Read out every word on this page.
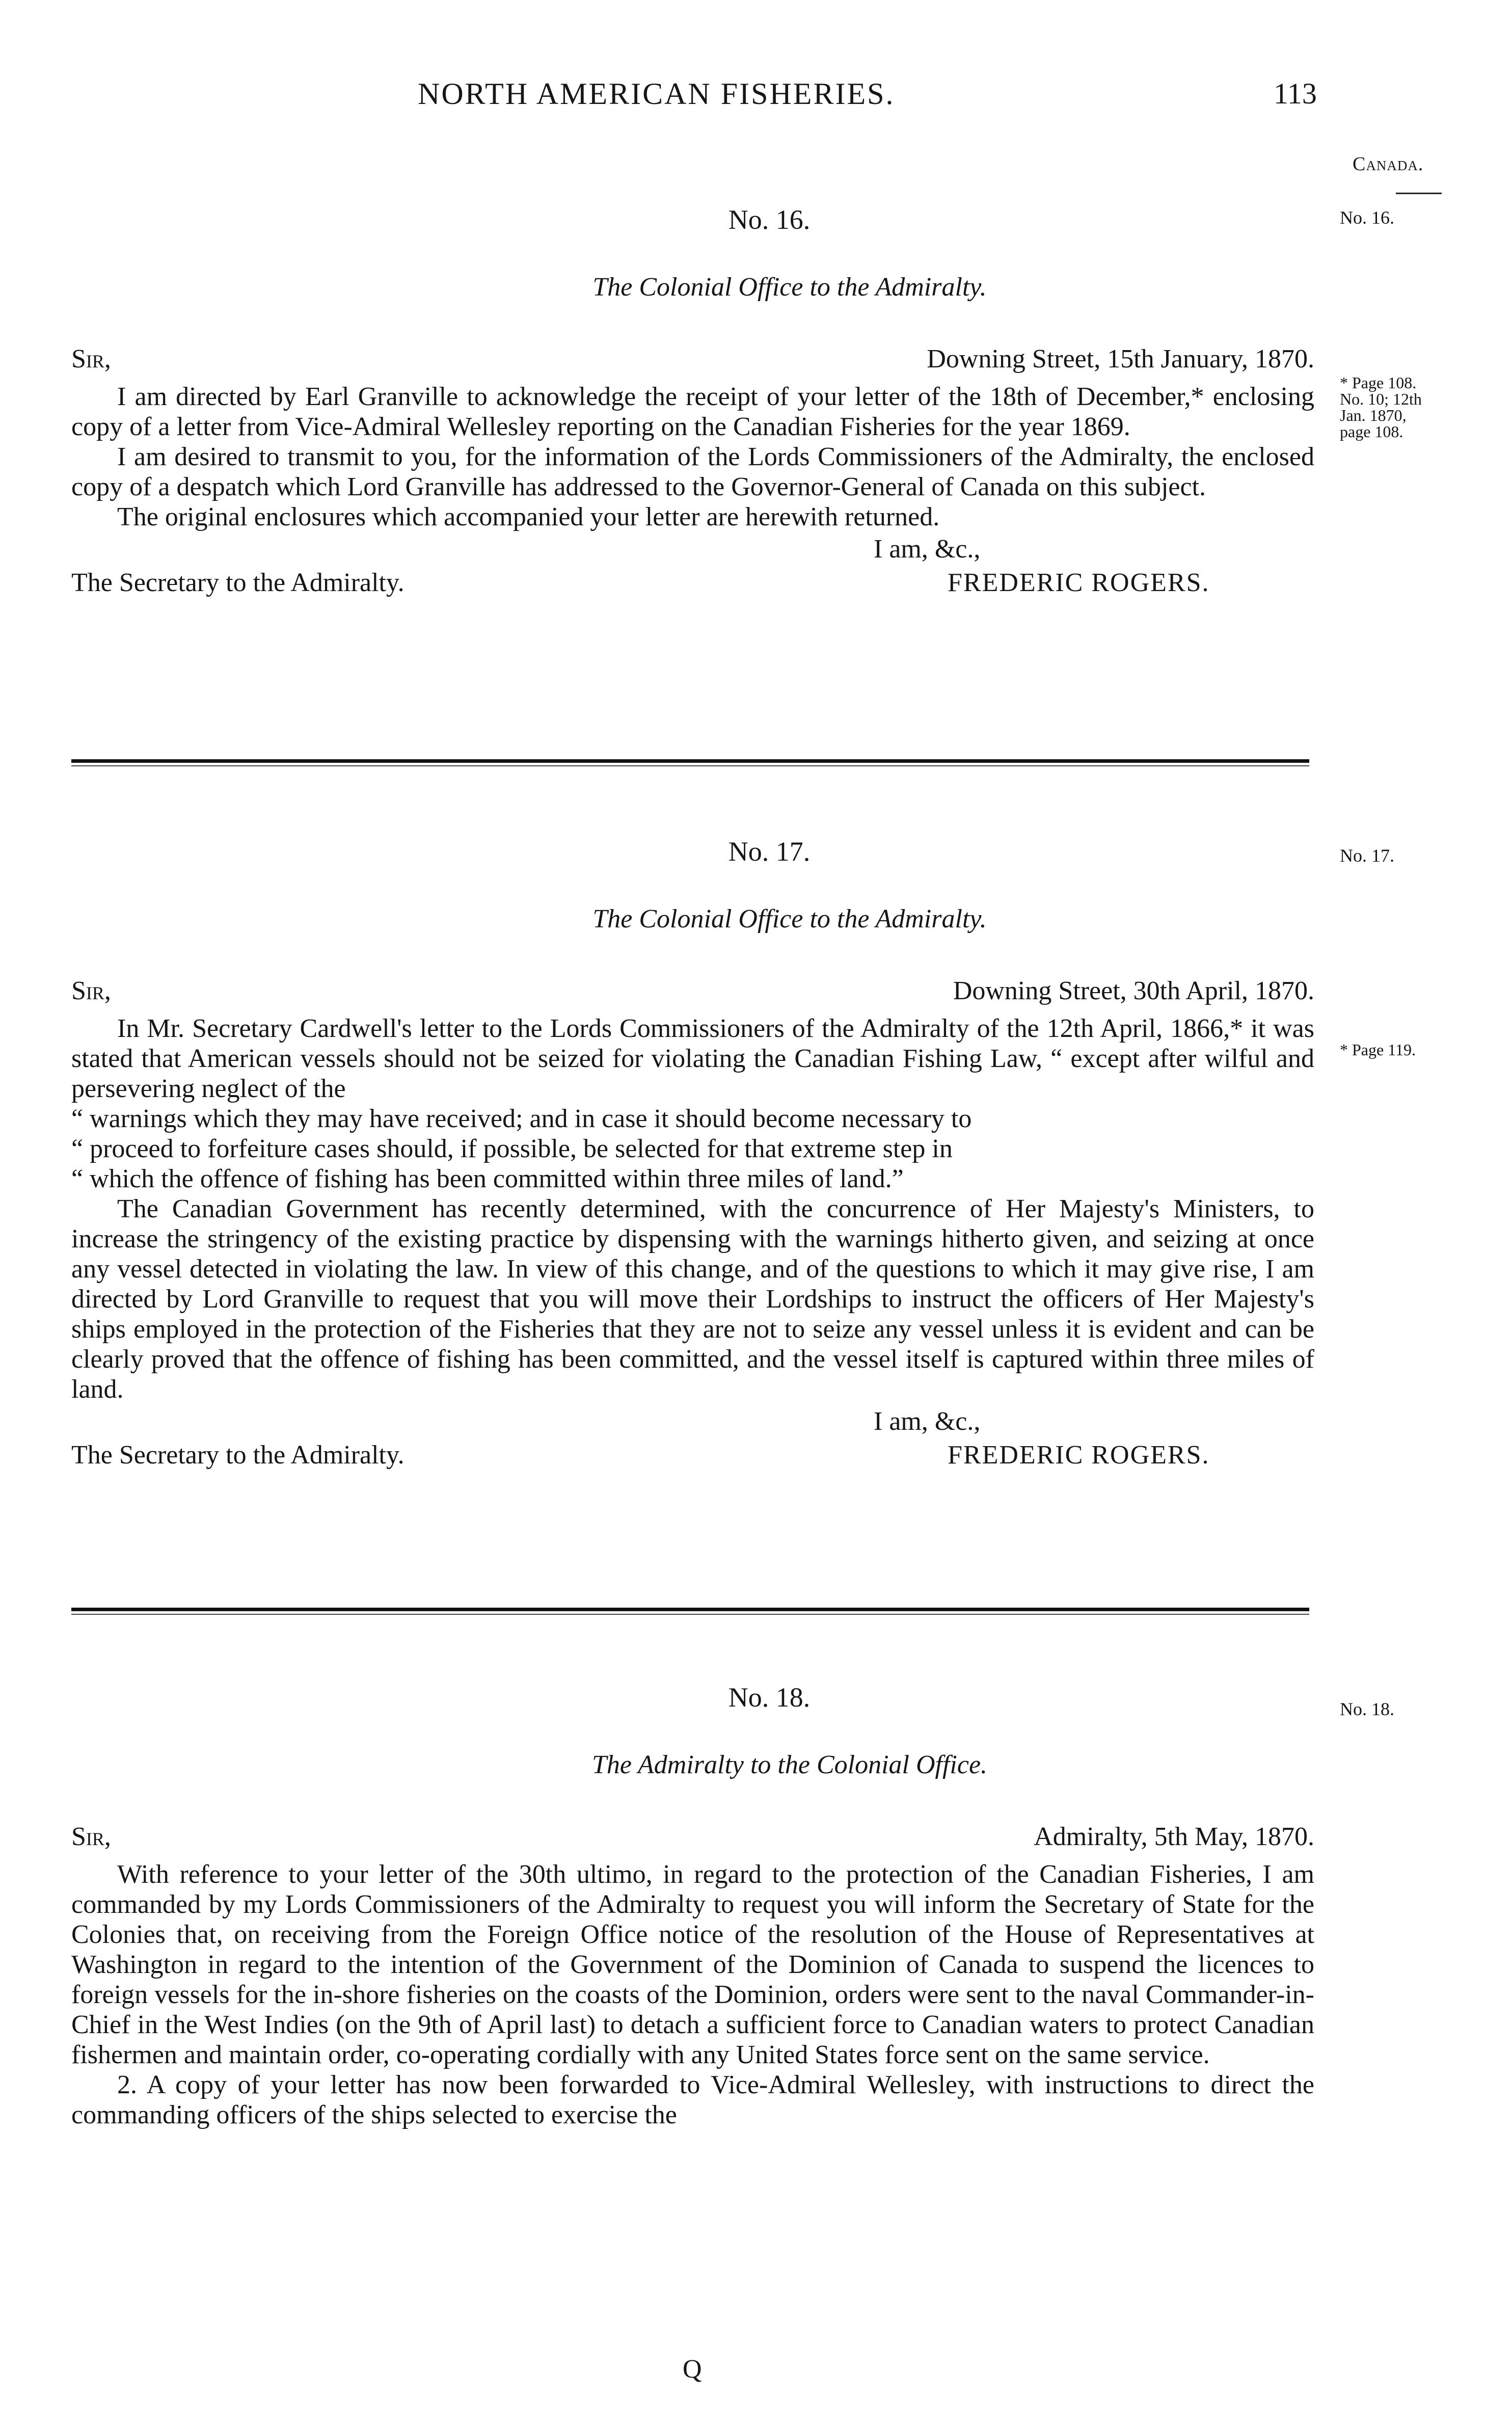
NORTH AMERICAN FISHERIES.	113
Canada.
No. 16.
The Colonial Office to the Admiralty.
Sir,	Downing Street, 15th January, 1870.

I am directed by Earl Granville to acknowledge the receipt of your letter of the 18th of December,* enclosing copy of a letter from Vice-Admiral Wellesley reporting on the Canadian Fisheries for the year 1869.

I am desired to transmit to you, for the information of the Lords Commissioners of the Admiralty, the enclosed copy of a despatch which Lord Granville has addressed to the Governor-General of Canada on this subject.

The original enclosures which accompanied your letter are herewith returned.

I am, &c.,
The Secretary to the Admiralty.	FREDERIC ROGERS.
No. 16.
* Page 108.
No. 10; 12th
Jan. 1870,
page 108.
No. 17.
The Colonial Office to the Admiralty.
Sir,	Downing Street, 30th April, 1870.

In Mr. Secretary Cardwell's letter to the Lords Commissioners of the Admiralty of the 12th April, 1866,* it was stated that American vessels should not be seized for violating the Canadian Fishing Law, “ except after wilful and persevering neglect of the

“ warnings which they may have received; and in case it should become necessary to

“ proceed to forfeiture cases should, if possible, be selected for that extreme step in

“ which the offence of fishing has been committed within three miles of land.”

The Canadian Government has recently determined, with the concurrence of Her Majesty's Ministers, to increase the stringency of the existing practice by dispensing with the warnings hitherto given, and seizing at once any vessel detected in violating the law. In view of this change, and of the questions to which it may give rise, I am directed by Lord Granville to request that you will move their Lordships to instruct the officers of Her Majesty's ships employed in the protection of the Fisheries that they are not to seize any vessel unless it is evident and can be clearly proved that the offence of fishing has been committed, and the vessel itself is captured within three miles of land.

I am, &c.,
The Secretary to the Admiralty.	FREDERIC ROGERS.
No. 17.
* Page 119.
No. 18.
The Admiralty to the Colonial Office.
Sir,	Admiralty, 5th May, 1870.

With reference to your letter of the 30th ultimo, in regard to the protection of the Canadian Fisheries, I am commanded by my Lords Commissioners of the Admiralty to request you will inform the Secretary of State for the Colonies that, on receiving from the Foreign Office notice of the resolution of the House of Representatives at Washington in regard to the intention of the Government of the Dominion of Canada to suspend the licences to foreign vessels for the in-shore fisheries on the coasts of the Dominion, orders were sent to the naval Commander-in-Chief in the West Indies (on the 9th of April last) to detach a sufficient force to Canadian waters to protect Canadian fishermen and maintain order, co-operating cordially with any United States force sent on the same service.

2. A copy of your letter has now been forwarded to Vice-Admiral Wellesley, with instructions to direct the commanding officers of the ships selected to exercise the

No. 18.
Q
